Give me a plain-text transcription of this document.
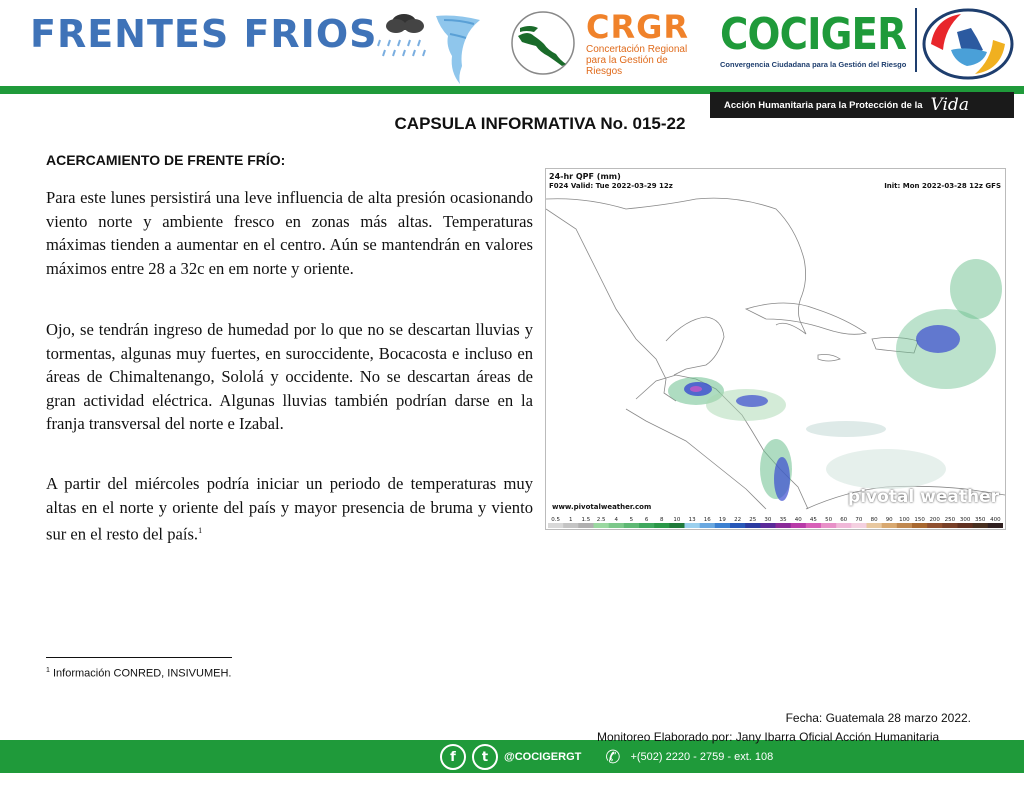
FRENTES FRIOS	CRGR
Concertación Regional
para la Gestión de Riesgos
COCIGER
Convergencia Ciudadana para la Gestión del Riesgo
Acción Humanitaria para la Protección de la Vida
CAPSULA INFORMATIVA No. 015-22
ACERCAMIENTO DE FRENTE FRÍO:
Para este lunes persistirá una leve influencia de alta presión ocasionando viento norte y ambiente fresco en zonas más altas. Temperaturas máximas tienden a aumentar en el centro. Aún se mantendrán en valores máximos entre 28 a 32c en em norte y oriente.
Ojo, se tendrán ingreso de humedad por lo que no se descartan lluvias y tormentas, algunas muy fuertes, en suroccidente, Bocacosta e incluso en áreas de Chimaltenango, Sololá y occidente. No se descartan áreas de gran actividad eléctrica. Algunas lluvias también podrían darse en la franja transversal del norte e Izabal.
A partir del miércoles podría iniciar un periodo de temperaturas muy altas en el norte y oriente del país y mayor presencia de bruma y viento sur en el resto del país.$^1$
24-hr QPF (mm)
F024 Valid: Tue 2022-03-29 12z	Init: Mon 2022-03-28 12z GFS
www.pivotalweather.com	pivotal weather
0.5 1 1.5 2.5 4 5 6 8 10 13 16 19 22 25 30 35 40 45 50 60 70 80 90 100 150 200 250 300 350 400
$^1$ Información CONRED, INSIVUMEH.
Fecha: Guatemala 28 marzo 2022.
Monitoreo Elaborado por: Jany Ibarra Oficial Acción Humanitaria
f	t	@COCIGERGT ✆ +(502) 2220 - 2759 - ext. 108
